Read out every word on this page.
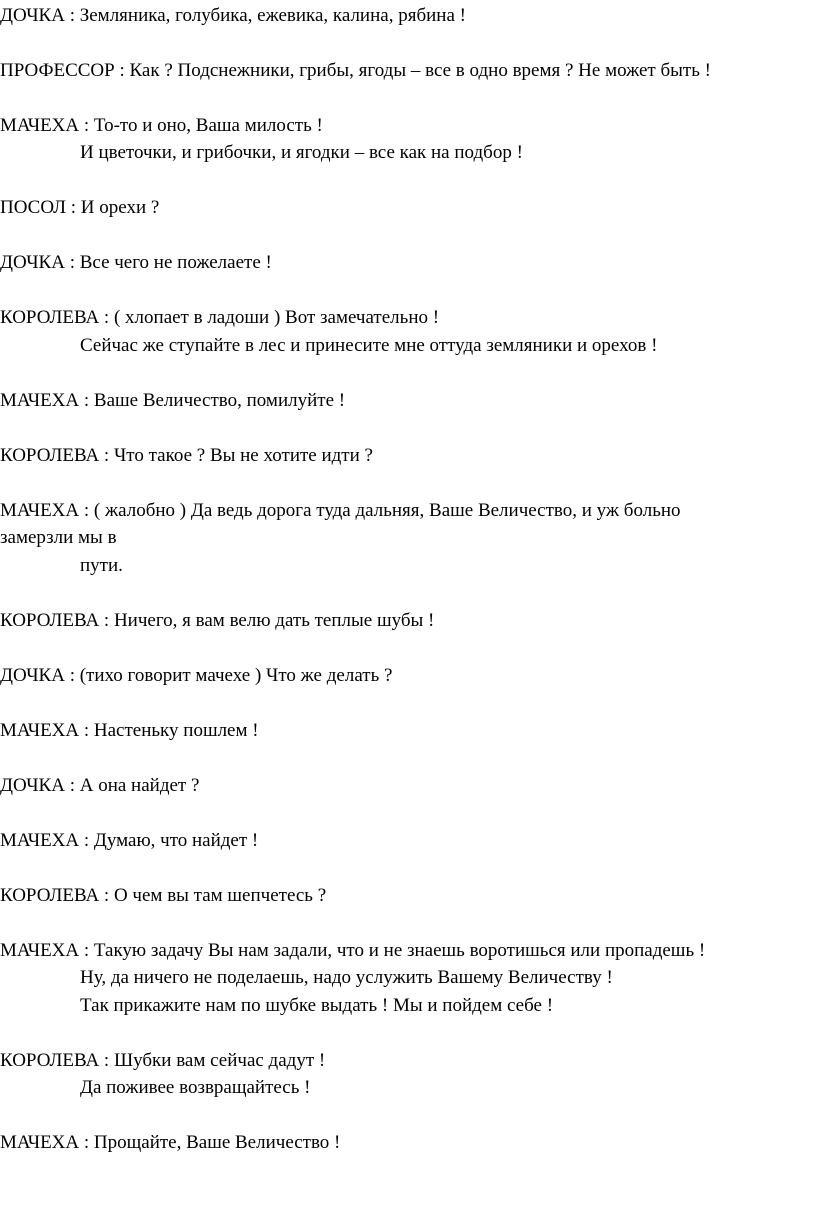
ДОЧКА : Земляника, голубика, ежевика, калина, рябина !
ПРОФЕССОР : Как ? Подснежники, грибы, ягоды – все в одно время ? Не может быть !
МАЧЕХА : То-то и оно, Ваша милость !
И цветочки, и грибочки, и ягодки – все как на подбор !
ПОСОЛ : И орехи ?
ДОЧКА : Все чего не пожелаете !
КОРОЛЕВА : ( хлопает в ладоши ) Вот замечательно !
Сейчас же ступайте в лес и принесите мне оттуда земляники и орехов !
МАЧЕХА : Ваше Величество, помилуйте !
КОРОЛЕВА : Что такое ? Вы не хотите идти ?
МАЧЕХА : ( жалобно ) Да ведь дорога туда дальняя, Ваше Величество, и уж больно
замерзли мы в
пути.
КОРОЛЕВА : Ничего, я вам велю дать теплые шубы !
ДОЧКА : (тихо говорит мачехе ) Что же делать ?
МАЧЕХА : Настеньку пошлем !
ДОЧКА : А она найдет ?
МАЧЕХА : Думаю, что найдет !
КОРОЛЕВА : О чем вы там шепчетесь ?
МАЧЕХА : Такую задачу Вы нам задали, что и не знаешь воротишься или пропадешь !
Ну, да ничего не поделаешь, надо услужить Вашему Величеству !
Так прикажите нам по шубке выдать ! Мы и пойдем себе !
КОРОЛЕВА : Шубки вам сейчас дадут !
Да поживее возвращайтесь !
МАЧЕХА : Прощайте, Ваше Величество !
